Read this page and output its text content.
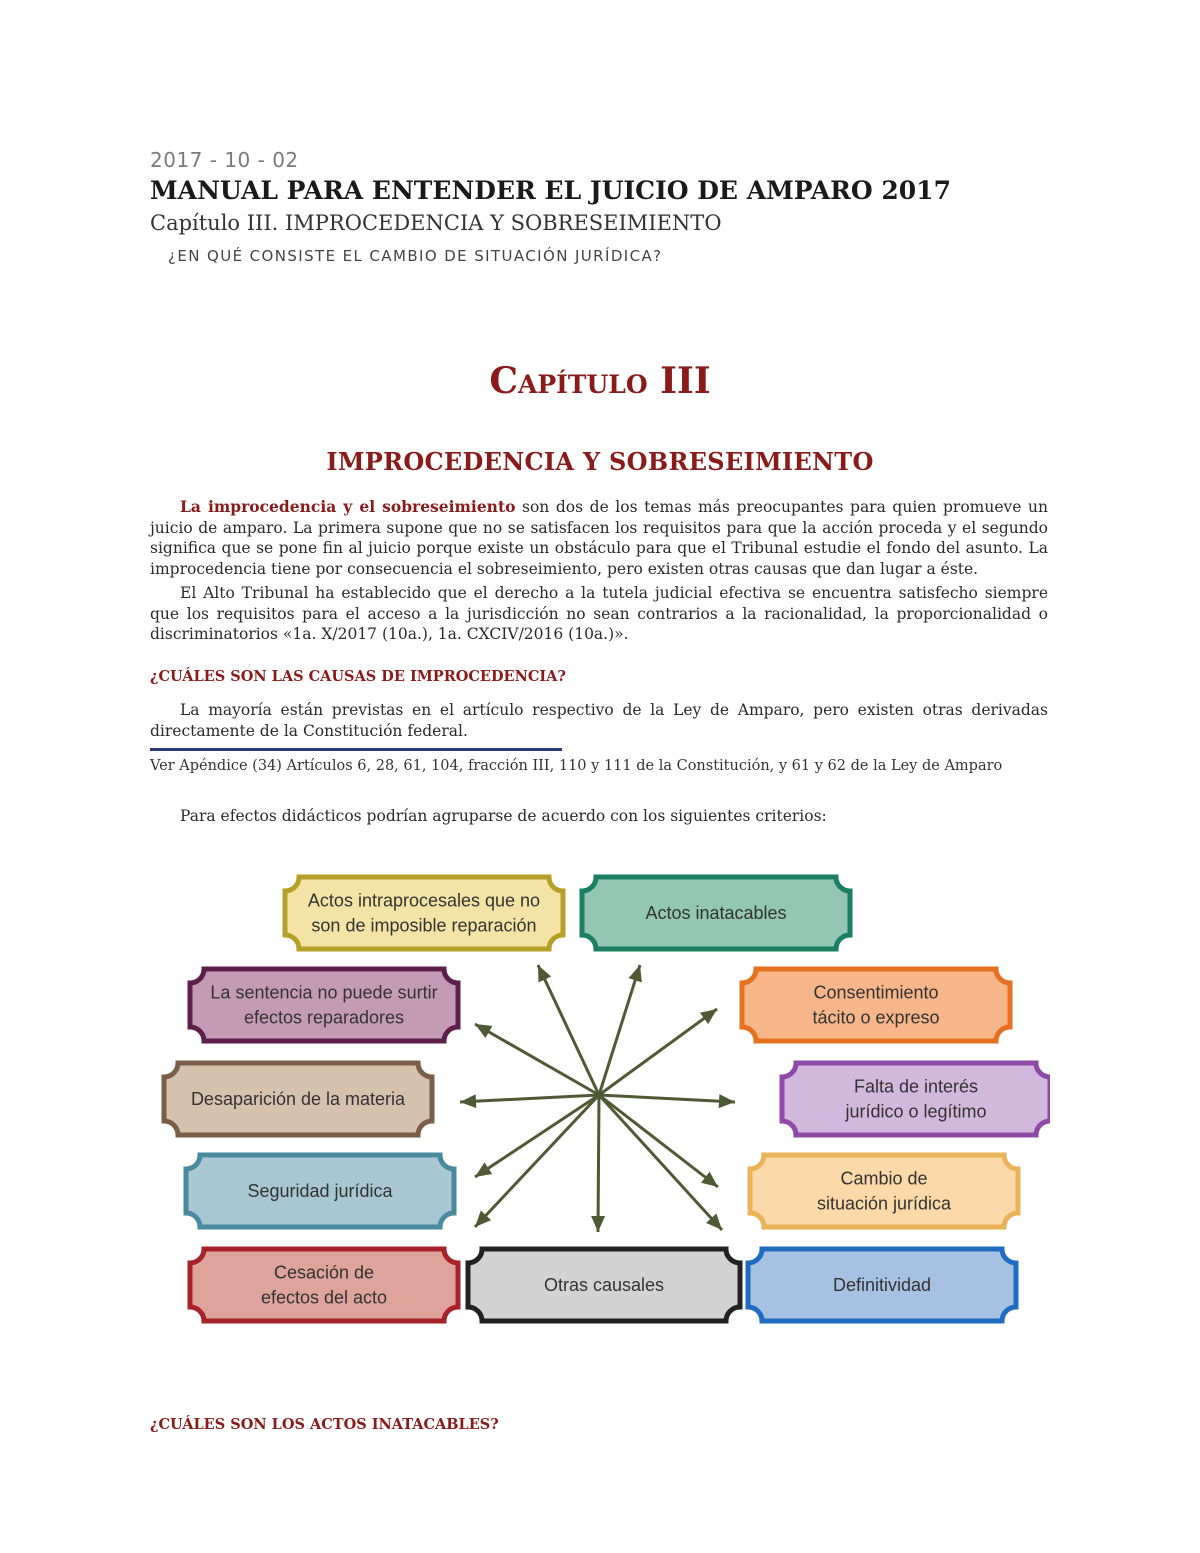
2017 - 10 - 02
MANUAL PARA ENTENDER EL JUICIO DE AMPARO 2017
Capítulo III. IMPROCEDENCIA Y SOBRESEIMIENTO
¿EN QUÉ CONSISTE EL CAMBIO DE SITUACIÓN JURÍDICA?
Capítulo III
IMPROCEDENCIA Y SOBRESEIMIENTO
La improcedencia y el sobreseimiento son dos de los temas más preocupantes para quien promueve un juicio de amparo. La primera supone que no se satisfacen los requisitos para que la acción proceda y el segundo significa que se pone fin al juicio porque existe un obstáculo para que el Tribunal estudie el fondo del asunto. La improcedencia tiene por consecuencia el sobreseimiento, pero existen otras causas que dan lugar a éste.
El Alto Tribunal ha establecido que el derecho a la tutela judicial efectiva se encuentra satisfecho siempre que los requisitos para el acceso a la jurisdicción no sean contrarios a la racionalidad, la proporcionalidad o discriminatorios «1a. X/2017 (10a.), 1a. CXCIV/2016 (10a.)».
¿CUÁLES SON LAS CAUSAS DE IMPROCEDENCIA?
La mayoría están previstas en el artículo respectivo de la Ley de Amparo, pero existen otras derivadas directamente de la Constitución federal.
Ver Apéndice (34) Artículos 6, 28, 61, 104, fracción III, 110 y 111 de la Constitución, y 61 y 62 de la Ley de Amparo
Para efectos didácticos podrían agruparse de acuerdo con los siguientes criterios:
Actos intraprocesales que no
son de imposible reparación
Actos inatacables
La sentencia no puede surtir
efectos reparadores
Consentimiento
tácito o expreso
Desaparición de la materia
Falta de interés
jurídico o legítimo
Seguridad jurídica
Cambio de
situación jurídica
Cesación de
efectos del acto
Otras causales	Definitividad
¿CUÁLES SON LOS ACTOS INATACABLES?
